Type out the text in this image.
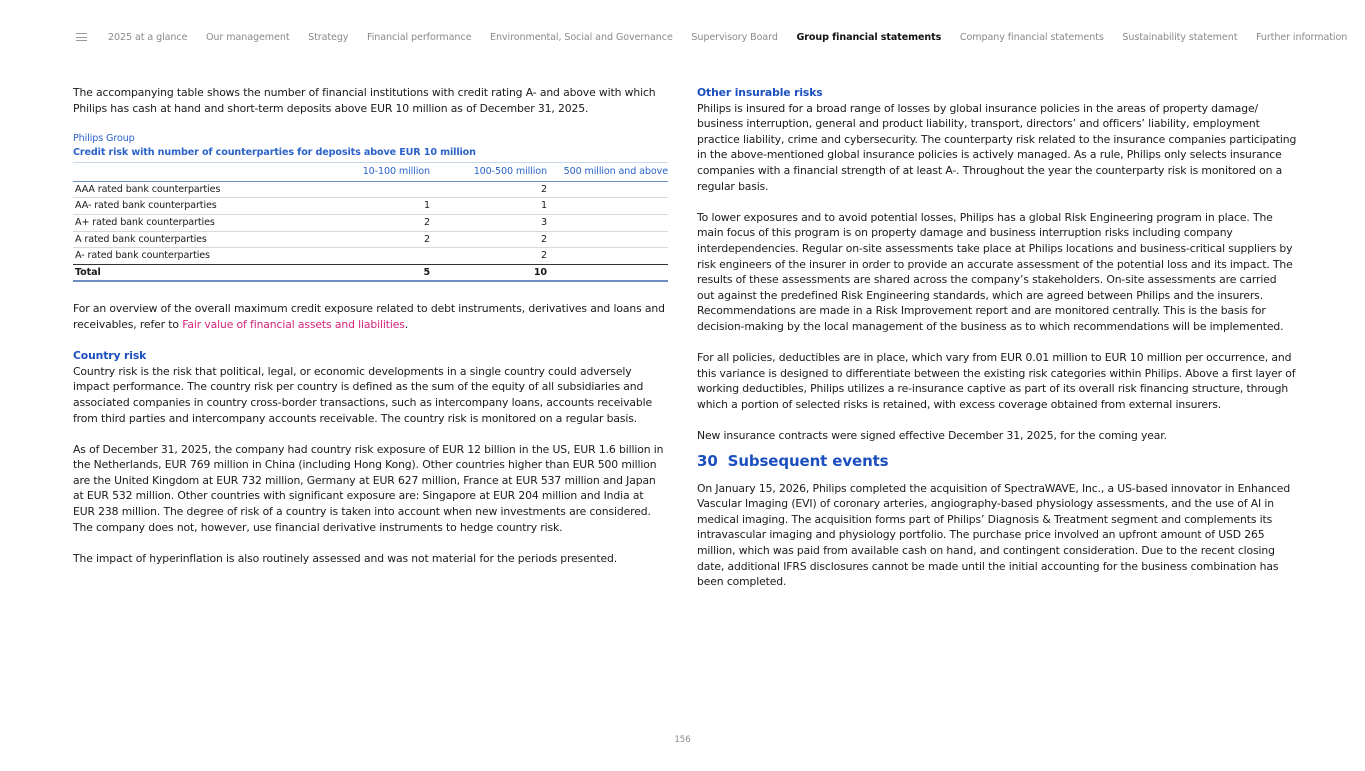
2025 at a glance Our management Strategy Financial performance Environmental, Social and Governance Supervisory Board Group financial statements Company financial statements Sustainability statement Further information

The accompanying table shows the number of financial institutions with credit rating A- and above with which Philips has cash at hand and short-term deposits above EUR 10 million as of December 31, 2025.

Philips Group
Credit risk with number of counterparties for deposits above EUR 10 million
	10-100 million	100-500 million	500 million and above
AAA rated bank counterparties		2	
AA- rated bank counterparties	1	1	
A+ rated bank counterparties	2	3	
A rated bank counterparties	2	2	
A- rated bank counterparties		2	
Total	5	10	

For an overview of the overall maximum credit exposure related to debt instruments, derivatives and loans and receivables, refer to Fair value of financial assets and liabilities.

Country risk

Country risk is the risk that political, legal, or economic developments in a single country could adversely impact performance. The country risk per country is defined as the sum of the equity of all subsidiaries and associated companies in country cross-border transactions, such as intercompany loans, accounts receivable from third parties and intercompany accounts receivable. The country risk is monitored on a regular basis.

As of December 31, 2025, the company had country risk exposure of EUR 12 billion in the US, EUR 1.6 billion in the Netherlands, EUR 769 million in China (including Hong Kong). Other countries higher than EUR 500 million are the United Kingdom at EUR 732 million, Germany at EUR 627 million, France at EUR 537 million and Japan at EUR 532 million. Other countries with significant exposure are: Singapore at EUR 204 million and India at EUR 238 million. The degree of risk of a country is taken into account when new investments are considered. The company does not, however, use financial derivative instruments to hedge country risk.

The impact of hyperinflation is also routinely assessed and was not material for the periods presented.

Other insurable risks

Philips is insured for a broad range of losses by global insurance policies in the areas of property damage/ business interruption, general and product liability, transport, directors’ and officers’ liability, employment practice liability, crime and cybersecurity. The counterparty risk related to the insurance companies participating in the above-mentioned global insurance policies is actively managed. As a rule, Philips only selects insurance companies with a financial strength of at least A-. Throughout the year the counterparty risk is monitored on a regular basis.

To lower exposures and to avoid potential losses, Philips has a global Risk Engineering program in place. The main focus of this program is on property damage and business interruption risks including company interdependencies. Regular on-site assessments take place at Philips locations and business-critical suppliers by risk engineers of the insurer in order to provide an accurate assessment of the potential loss and its impact. The results of these assessments are shared across the company’s stakeholders. On-site assessments are carried out against the predefined Risk Engineering standards, which are agreed between Philips and the insurers. Recommendations are made in a Risk Improvement report and are monitored centrally. This is the basis for decision-making by the local management of the business as to which recommendations will be implemented.

For all policies, deductibles are in place, which vary from EUR 0.01 million to EUR 10 million per occurrence, and this variance is designed to differentiate between the existing risk categories within Philips. Above a first layer of working deductibles, Philips utilizes a re-insurance captive as part of its overall risk financing structure, through which a portion of selected risks is retained, with excess coverage obtained from external insurers.

New insurance contracts were signed effective December 31, 2025, for the coming year.

30 Subsequent events

On January 15, 2026, Philips completed the acquisition of SpectraWAVE, Inc., a US-based innovator in Enhanced Vascular Imaging (EVI) of coronary arteries, angiography-based physiology assessments, and the use of AI in medical imaging. The acquisition forms part of Philips’ Diagnosis & Treatment segment and complements its intravascular imaging and physiology portfolio. The purchase price involved an upfront amount of USD 265 million, which was paid from available cash on hand, and contingent consideration. Due to the recent closing date, additional IFRS disclosures cannot be made until the initial accounting for the business combination has been completed.

156
